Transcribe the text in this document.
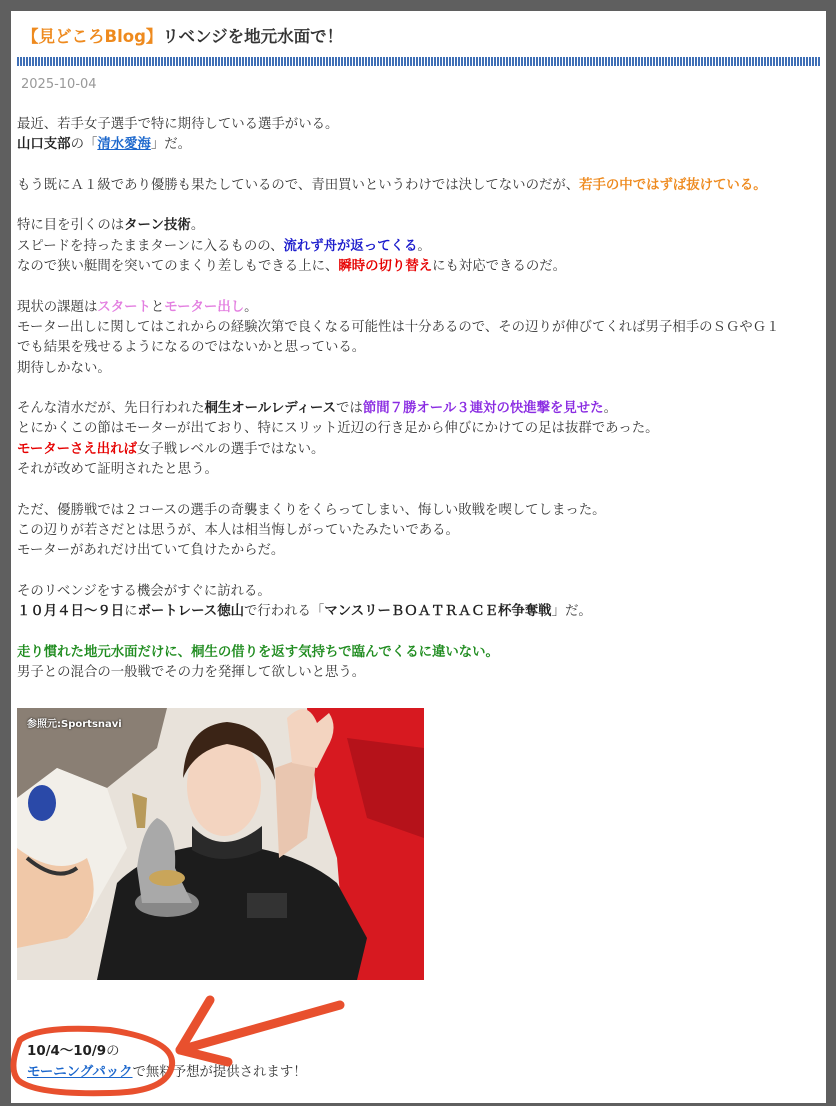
【見どころBlog】リベンジを地元水面で！
2025-10-04

最近、若手女子選手で特に期待している選手がいる。

山口支部の「清水愛海」だ。

もう既にＡ１級であり優勝も果たしているので、青田買いというわけでは決してないのだが、若手の中ではずば抜けている。

特に目を引くのはターン技術。

スピードを持ったままターンに入るものの、流れず舟が返ってくる。

なので狭い艇間を突いてのまくり差しもできる上に、瞬時の切り替えにも対応できるのだ。

現状の課題はスタートとモーター出し。

モーター出しに関してはこれからの経験次第で良くなる可能性は十分あるので、その辺りが伸びてくれば男子相手のＳＧやＧ１

でも結果を残せるようになるのではないかと思っている。

期待しかない。

そんな清水だが、先日行われた桐生オールレディースでは節間７勝オール３連対の快進撃を見せた。

とにかくこの節はモーターが出ており、特にスリット近辺の行き足から伸びにかけての足は抜群であった。

モーターさえ出れば女子戦レベルの選手ではない。

それが改めて証明されたと思う。

ただ、優勝戦では２コースの選手の奇襲まくりをくらってしまい、悔しい敗戦を喫してしまった。

この辺りが若さだとは思うが、本人は相当悔しがっていたみたいである。

モーターがあれだけ出ていて負けたからだ。

そのリベンジをする機会がすぐに訪れる。

１０月４日〜９日にボートレース徳山で行われる「マンスリーＢＯＡＴＲＡＣＥ杯争奪戦」だ。

走り慣れた地元水面だけに、桐生の借りを返す気持ちで臨んでくるに違いない。

男子との混合の一般戦でその力を発揮して欲しいと思う。

参照元:Sportsnavi
10/4〜10/9の
モーニングパックで無料予想が提供されます！
